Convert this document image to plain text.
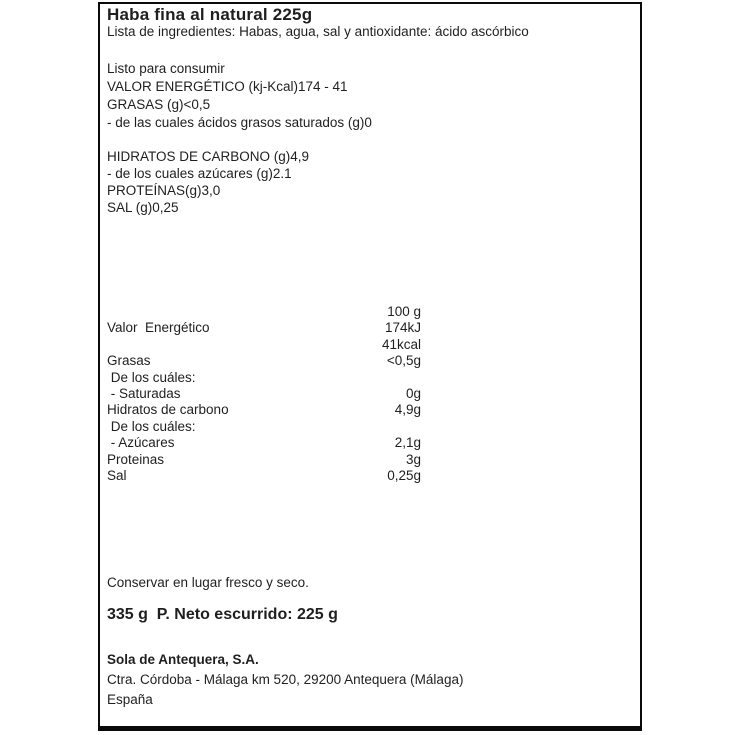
Haba fina al natural 225g
Lista de ingredientes: Habas, agua, sal y antioxidante: ácido ascórbico
Listo para consumir
VALOR ENERGÉTICO (kj-Kcal)174 - 41
GRASAS (g)<0,5
- de las cuales ácidos grasos saturados (g)0
HIDRATOS DE CARBONO (g)4,9
- de los cuales azúcares (g)2.1
PROTEÍNAS(g)3,0
SAL (g)0,25
100 g
Valor  Energético	174kJ
41kcal
Grasas	<0,5g
De los cuáles:
- Saturadas	0g
Hidratos de carbono	4,9g
De los cuáles:
- Azúcares	2,1g
Proteinas	3g
Sal	0,25g
Conservar en lugar fresco y seco.
335 g  P. Neto escurrido: 225 g
Sola de Antequera, S.A.
Ctra. Córdoba - Málaga km 520, 29200 Antequera (Málaga)
España
